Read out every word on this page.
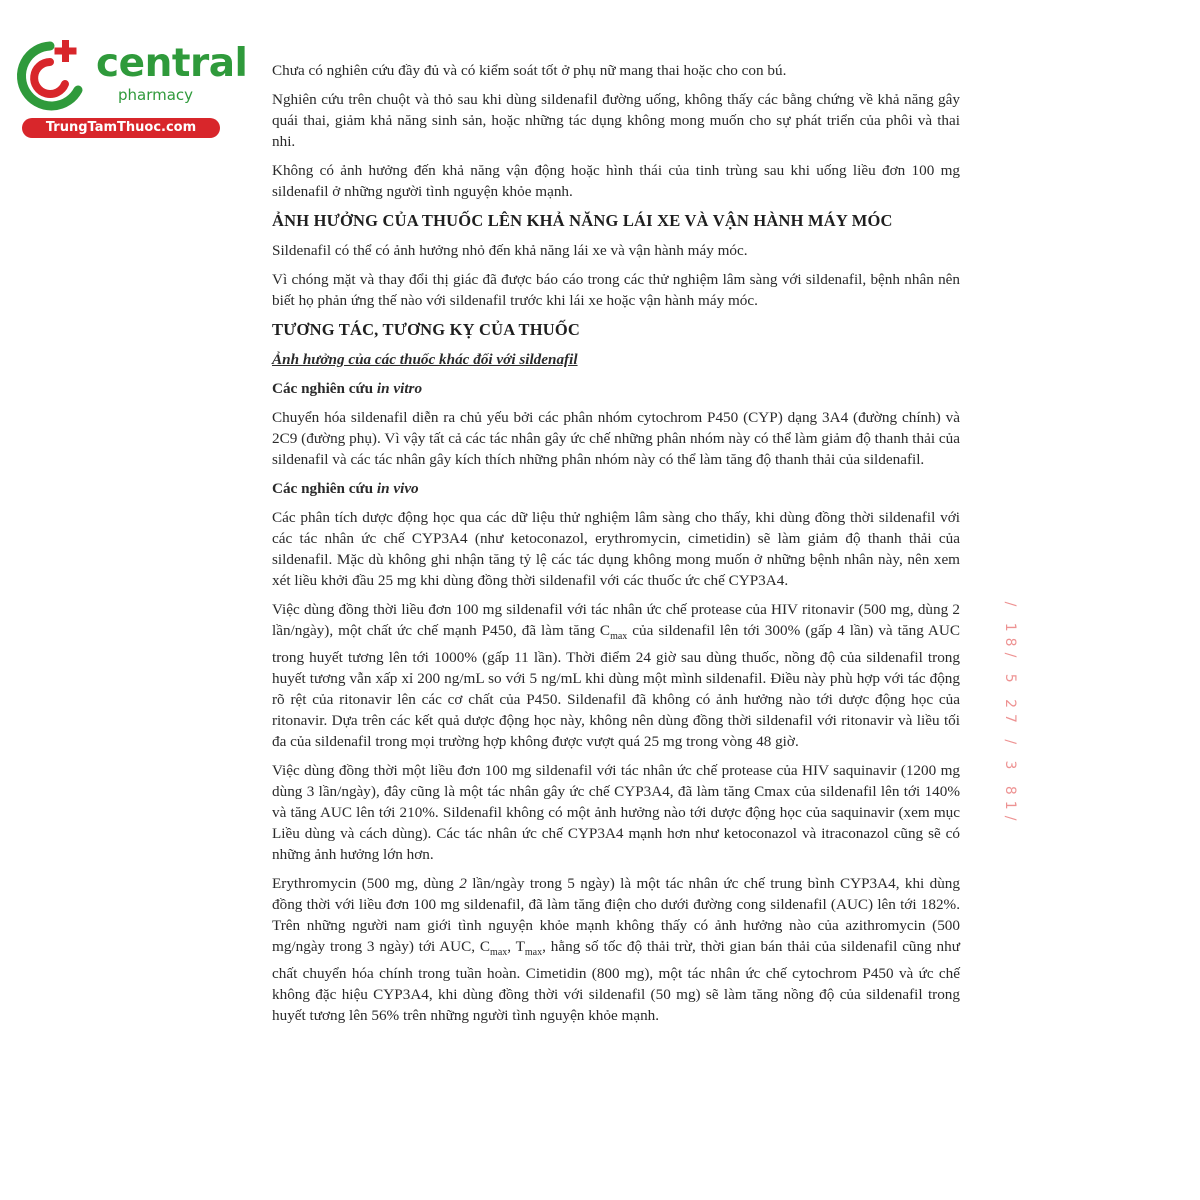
central
pharmacy
TrungTamThuoc.com

Chưa có nghiên cứu đầy đủ và có kiểm soát tốt ở phụ nữ mang thai hoặc cho con bú.

Nghiên cứu trên chuột và thỏ sau khi dùng sildenafil đường uống, không thấy các bằng chứng về khả năng gây quái thai, giảm khả năng sinh sản, hoặc những tác dụng không mong muốn cho sự phát triển của phôi và thai nhi.

Không có ảnh hưởng đến khả năng vận động hoặc hình thái của tinh trùng sau khi uống liều đơn 100 mg sildenafil ở những người tình nguyện khỏe mạnh.

ẢNH HƯỞNG CỦA THUỐC LÊN KHẢ NĂNG LÁI XE VÀ VẬN HÀNH MÁY MÓC

Sildenafil có thể có ảnh hưởng nhỏ đến khả năng lái xe và vận hành máy móc.

Vì chóng mặt và thay đổi thị giác đã được báo cáo trong các thử nghiệm lâm sàng với sildenafil, bệnh nhân nên biết họ phản ứng thế nào với sildenafil trước khi lái xe hoặc vận hành máy móc.

TƯƠNG TÁC, TƯƠNG KỴ CỦA THUỐC

Ảnh hưởng của các thuốc khác đối với sildenafil

Các nghiên cứu in vitro

Chuyển hóa sildenafil diễn ra chủ yếu bởi các phân nhóm cytochrom P450 (CYP) dạng 3A4 (đường chính) và 2C9 (đường phụ). Vì vậy tất cả các tác nhân gây ức chế những phân nhóm này có thể làm giảm độ thanh thải của sildenafil và các tác nhân gây kích thích những phân nhóm này có thể làm tăng độ thanh thải của sildenafil.

Các nghiên cứu in vivo

Các phân tích dược động học qua các dữ liệu thử nghiệm lâm sàng cho thấy, khi dùng đồng thời sildenafil với các tác nhân ức chế CYP3A4 (như ketoconazol, erythromycin, cimetidin) sẽ làm giảm độ thanh thải của sildenafil. Mặc dù không ghi nhận tăng tỷ lệ các tác dụng không mong muốn ở những bệnh nhân này, nên xem xét liều khởi đầu 25 mg khi dùng đồng thời sildenafil với các thuốc ức chế CYP3A4.

Việc dùng đồng thời liều đơn 100 mg sildenafil với tác nhân ức chế protease của HIV ritonavir (500 mg, dùng 2 lần/ngày), một chất ức chế mạnh P450, đã làm tăng $C_{max}$ của sildenafil lên tới 300% (gấp 4 lần) và tăng AUC trong huyết tương lên tới 1000% (gấp 11 lần). Thời điểm 24 giờ sau dùng thuốc, nồng độ của sildenafil trong huyết tương vẫn xấp xỉ 200 ng/mL so với 5 ng/mL khi dùng một mình sildenafil. Điều này phù hợp với tác động rõ rệt của ritonavir lên các cơ chất của P450. Sildenafil đã không có ảnh hưởng nào tới dược động học của ritonavir. Dựa trên các kết quả dược động học này, không nên dùng đồng thời sildenafil với ritonavir và liều tối đa của sildenafil trong mọi trường hợp không được vượt quá 25 mg trong vòng 48 giờ.

Việc dùng đồng thời một liều đơn 100 mg sildenafil với tác nhân ức chế protease của HIV saquinavir (1200 mg dùng 3 lần/ngày), đây cũng là một tác nhân gây ức chế CYP3A4, đã làm tăng Cmax của sildenafil lên tới 140% và tăng AUC lên tới 210%. Sildenafil không có một ảnh hưởng nào tới dược động học của saquinavir (xem mục Liều dùng và cách dùng). Các tác nhân ức chế CYP3A4 mạnh hơn như ketoconazol và itraconazol cũng sẽ có những ảnh hưởng lớn hơn.

Erythromycin (500 mg, dùng 2 lần/ngày trong 5 ngày) là một tác nhân ức chế trung bình CYP3A4, khi dùng đồng thời với liều đơn 100 mg sildenafil, đã làm tăng điện cho dưới đường cong sildenafil (AUC) lên tới 182%. Trên những người nam giới tình nguyện khỏe mạnh không thấy có ảnh hưởng nào của azithromycin (500 mg/ngày trong 3 ngày) tới AUC, $C_{max}$, $T_{max}$, hằng số tốc độ thải trừ, thời gian bán thải của sildenafil cũng như chất chuyển hóa chính trong tuần hoàn. Cimetidin (800 mg), một tác nhân ức chế cytochrom P450 và ức chế không đặc hiệu CYP3A4, khi dùng đồng thời với sildenafil (50 mg) sẽ làm tăng nồng độ của sildenafil trong huyết tương lên 56% trên những người tình nguyện khỏe mạnh.

/ 18/ 5 27 / 3 81/
